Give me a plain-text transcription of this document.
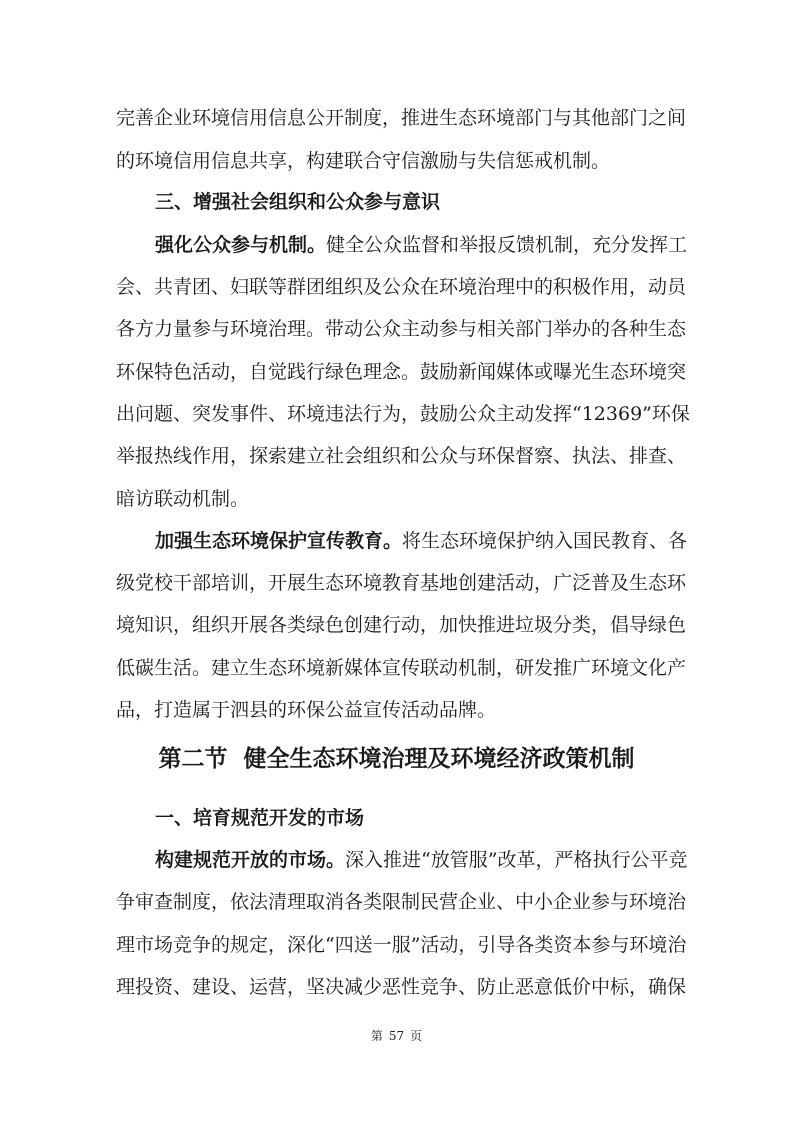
完善企业环境信用信息公开制度，推进生态环境部门与其他部门之间
的环境信用信息共享，构建联合守信激励与失信惩戒机制。
三、增强社会组织和公众参与意识
强化公众参与机制。健全公众监督和举报反馈机制，充分发挥工
会、共青团、妇联等群团组织及公众在环境治理中的积极作用，动员
各方力量参与环境治理。带动公众主动参与相关部门举办的各种生态
环保特色活动，自觉践行绿色理念。鼓励新闻媒体或曝光生态环境突
出问题、突发事件、环境违法行为，鼓励公众主动发挥“12369”环保
举报热线作用，探索建立社会组织和公众与环保督察、执法、排查、
暗访联动机制。
加强生态环境保护宣传教育。将生态环境保护纳入国民教育、各
级党校干部培训，开展生态环境教育基地创建活动，广泛普及生态环
境知识，组织开展各类绿色创建行动，加快推进垃圾分类，倡导绿色
低碳生活。建立生态环境新媒体宣传联动机制，研发推广环境文化产
品，打造属于泗县的环保公益宣传活动品牌。
第二节  健全生态环境治理及环境经济政策机制
一、培育规范开发的市场
构建规范开放的市场。深入推进“放管服”改革，严格执行公平竞
争审查制度，依法清理取消各类限制民营企业、中小企业参与环境治
理市场竞争的规定，深化“四送一服”活动，引导各类资本参与环境治
理投资、建设、运营，坚决减少恶性竞争、防止恶意低价中标，确保
第 57 页
